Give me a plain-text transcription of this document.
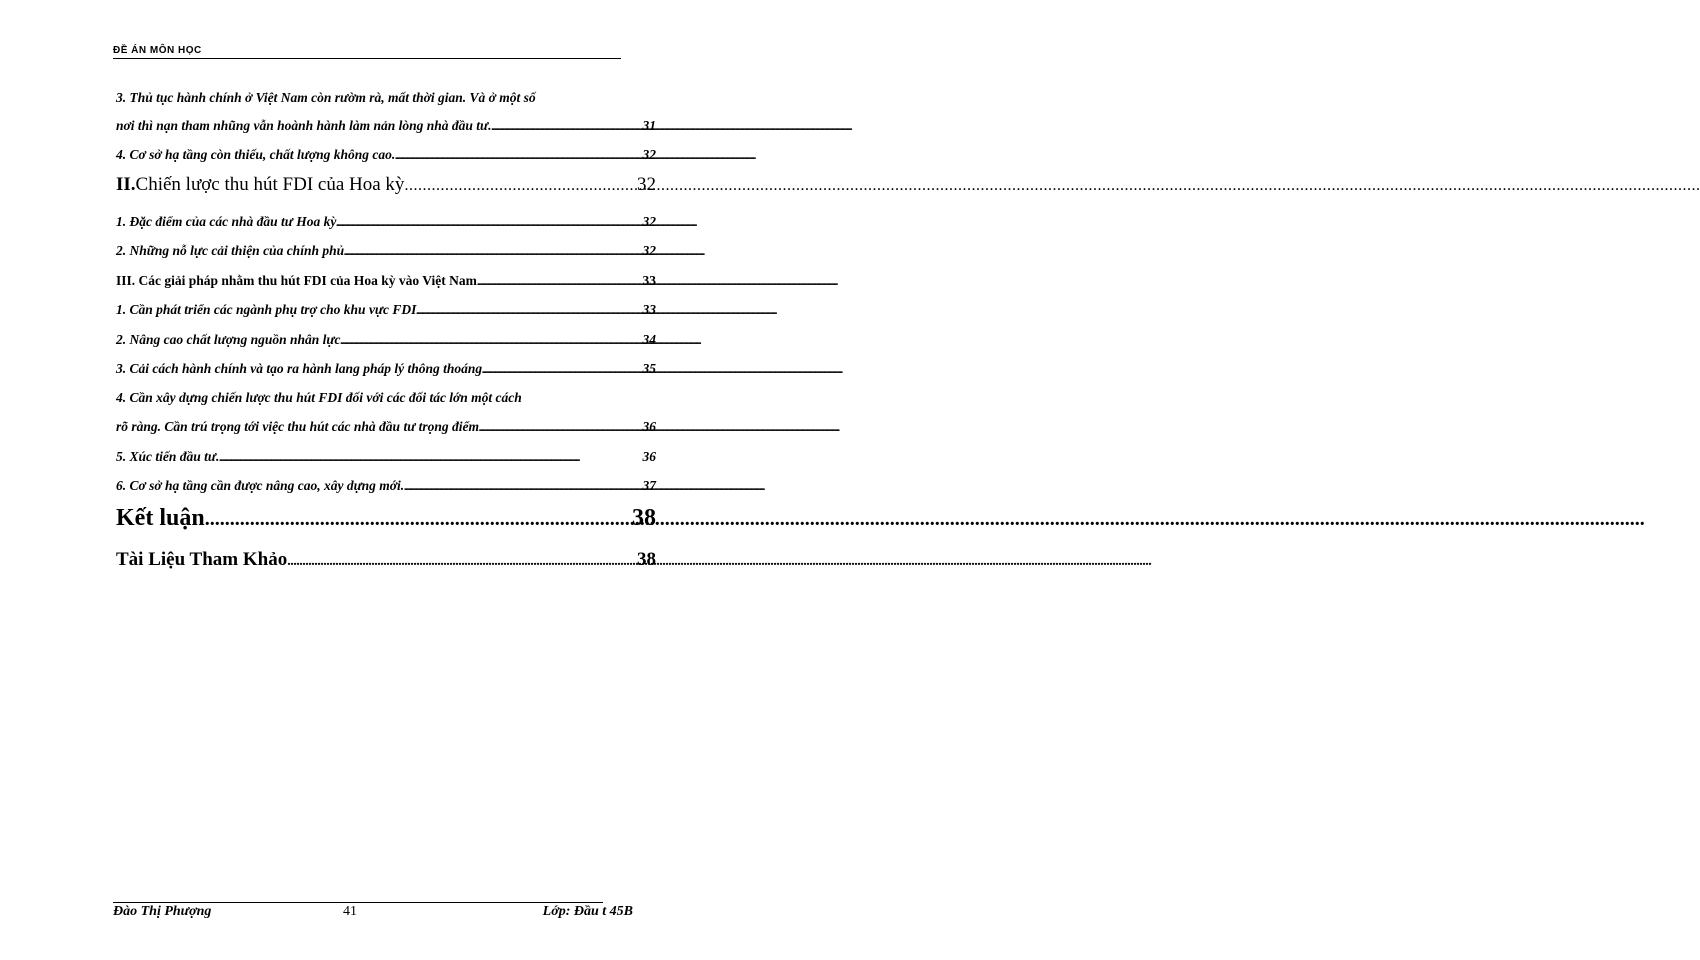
ĐỀ ÁN MÔN HỌC
3. Thủ tục hành chính ở Việt Nam còn rườm rà, mất thời gian. Và ở một số
nơi thì nạn tham nhũng vẫn hoành hành làm nản lòng nhà đầu tư. .....	31
4. Cơ sở hạ tầng còn thiếu, chất lượng không cao. .....	32
II.Chiến lược thu hút FDI của Hoa kỳ .....	32
1. Đặc điểm của các nhà đầu tư Hoa kỳ .....	32
2. Những nỗ lực cải thiện của chính phủ .....	32
III. Các giải pháp nhằm thu hút FDI của Hoa kỳ vào Việt Nam .....	33
1. Cần phát triển các ngành phụ trợ cho khu vực FDI .....	33
2. Nâng cao chất lượng nguồn nhân lực .....	34
3. Cải cách hành chính và tạo ra hành lang pháp lý thông thoáng .....	35
4. Cần xây dựng chiến lược thu hút FDI đối với các đối tác lớn một cách
rõ ràng. Cần trú trọng tới việc thu hút các nhà đầu tư trọng điểm .....	36
5. Xúc tiến đầu tư. .....	36
6. Cơ sở hạ tầng cần được nâng cao, xây dựng mới. .....	37
Kết luận .....	38
Tài Liệu Tham Khảo .....	38
Đào Thị Phượng	41	Lớp: Đầu t 45B
